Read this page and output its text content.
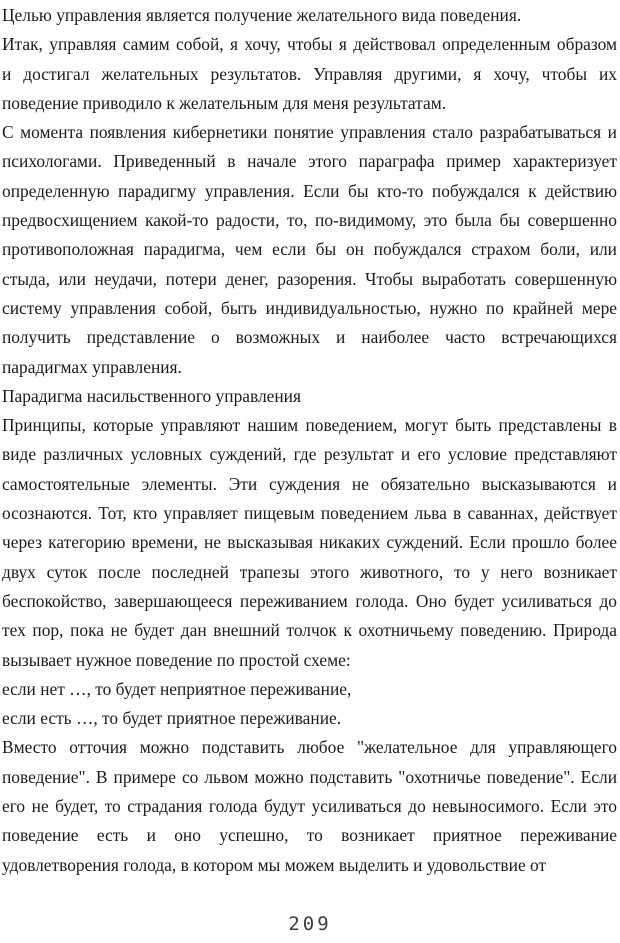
Целью управления является получение желательного вида поведения.
Итак, управляя самим собой, я хочу, чтобы я действовал определенным образом
и достигал желательных результатов. Управляя другими, я хочу, чтобы их
поведение приводило к желательным для меня результатам.
С момента появления кибернетики понятие управления стало разрабатываться и
психологами. Приведенный в начале этого параграфа пример характеризует
определенную парадигму управления. Если бы кто-то побуждался к действию
предвосхищением какой-то радости, то, по-видимому, это была бы совершенно
противоположная парадигма, чем если бы он побуждался страхом боли, или
стыда, или неудачи, потери денег, разорения. Чтобы выработать совершенную
систему управления собой, быть индивидуальностью, нужно по крайней мере
получить представление о возможных и наиболее часто встречающихся
парадигмах управления.
Парадигма насильственного управления
Принципы, которые управляют нашим поведением, могут быть представлены в
виде различных условных суждений, где результат и его условие представляют
самостоятельные элементы. Эти суждения не обязательно высказываются и
осознаются. Тот, кто управляет пищевым поведением льва в саваннах, действует
через категорию времени, не высказывая никаких суждений. Если прошло более
двух суток после последней трапезы этого животного, то у него возникает
беспокойство, завершающееся переживанием голода. Оно будет усиливаться до
тех пор, пока не будет дан внешний толчок к охотничьему поведению. Природа
вызывает нужное поведение по простой схеме:
если нет …, то будет неприятное переживание,
если есть …, то будет приятное переживание.
Вместо отточия можно подставить любое "желательное для управляющего
поведение". В примере со львом можно подставить "охотничье поведение". Если
его не будет, то страдания голода будут усиливаться до невыносимого. Если это
поведение есть и оно успешно, то возникает приятное переживание
удовлетворения голода, в котором мы можем выделить и удовольствие от
209
